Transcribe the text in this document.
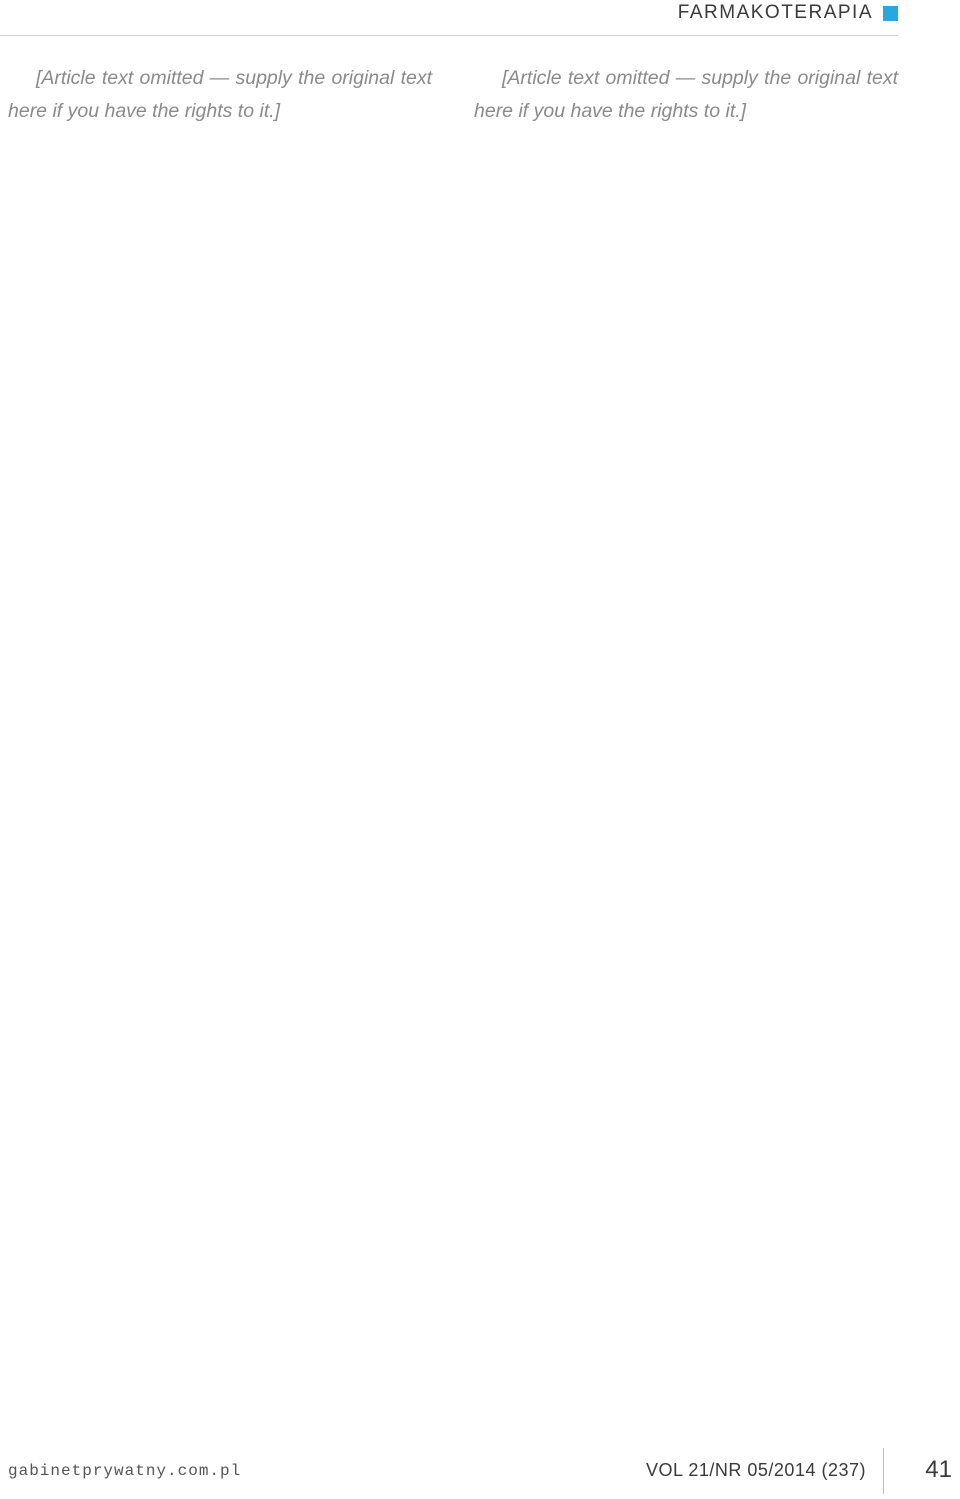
FARMAKOTERAPIA

[Article text omitted — supply the original text here if you have the rights to it.]

[Article text omitted — supply the original text here if you have the rights to it.]

gabinetprywatny.com.pl	VOL 21/NR 05/2014 (237) 41
